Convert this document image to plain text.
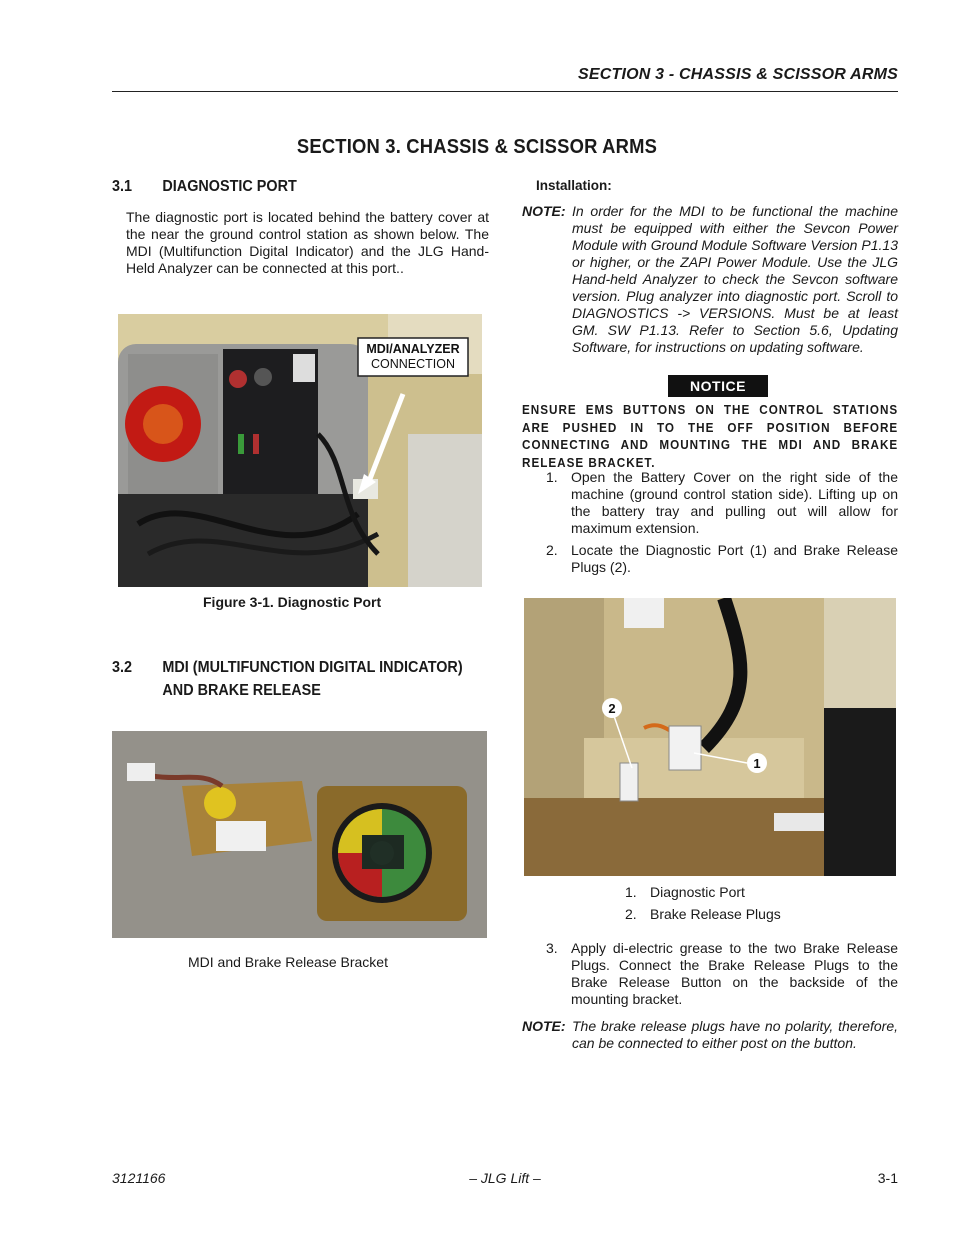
SECTION 3 - CHASSIS & SCISSOR ARMS
SECTION 3. CHASSIS & SCISSOR ARMS
3.1 DIAGNOSTIC PORT
The diagnostic port is located behind the battery cover at the near the ground control station as shown below. The MDI (Multifunction Digital Indicator) and the JLG Hand-Held Analyzer can be connected at this port..
MDI/ANALYZER
CONNECTION
Figure 3-1. Diagnostic Port
3.2 MDI (MULTIFUNCTION DIGITAL INDICATOR)
AND BRAKE RELEASE
MDI and Brake Release Bracket
Installation:
NOTE: In order for the MDI to be functional the machine must be equipped with either the Sevcon Power Module with Ground Module Software Version P1.13 or higher, or the ZAPI Power Module. Use the JLG Hand-held Analyzer to check the Sevcon software version. Plug analyzer into diagnostic port. Scroll to DIAGNOSTICS -> VERSIONS. Must be at least GM. SW P1.13. Refer to Section 5.6, Updating Software, for instructions on updating software.
NOTICE
ENSURE EMS BUTTONS ON THE CONTROL STATIONS ARE PUSHED IN TO THE OFF POSITION BEFORE CONNECTING AND MOUNTING THE MDI AND BRAKE RELEASE BRACKET.
1. Open the Battery Cover on the right side of the machine (ground control station side). Lifting up on the battery tray and pulling out will allow for maximum extension.
2. Locate the Diagnostic Port (1) and Brake Release Plugs (2).
2
1
1. Diagnostic Port
2. Brake Release Plugs
3. Apply di-electric grease to the two Brake Release Plugs. Connect the Brake Release Plugs to the Brake Release Button on the backside of the mounting bracket.
NOTE: The brake release plugs have no polarity, therefore, can be connected to either post on the button.
3121166	– JLG Lift –	3-1
